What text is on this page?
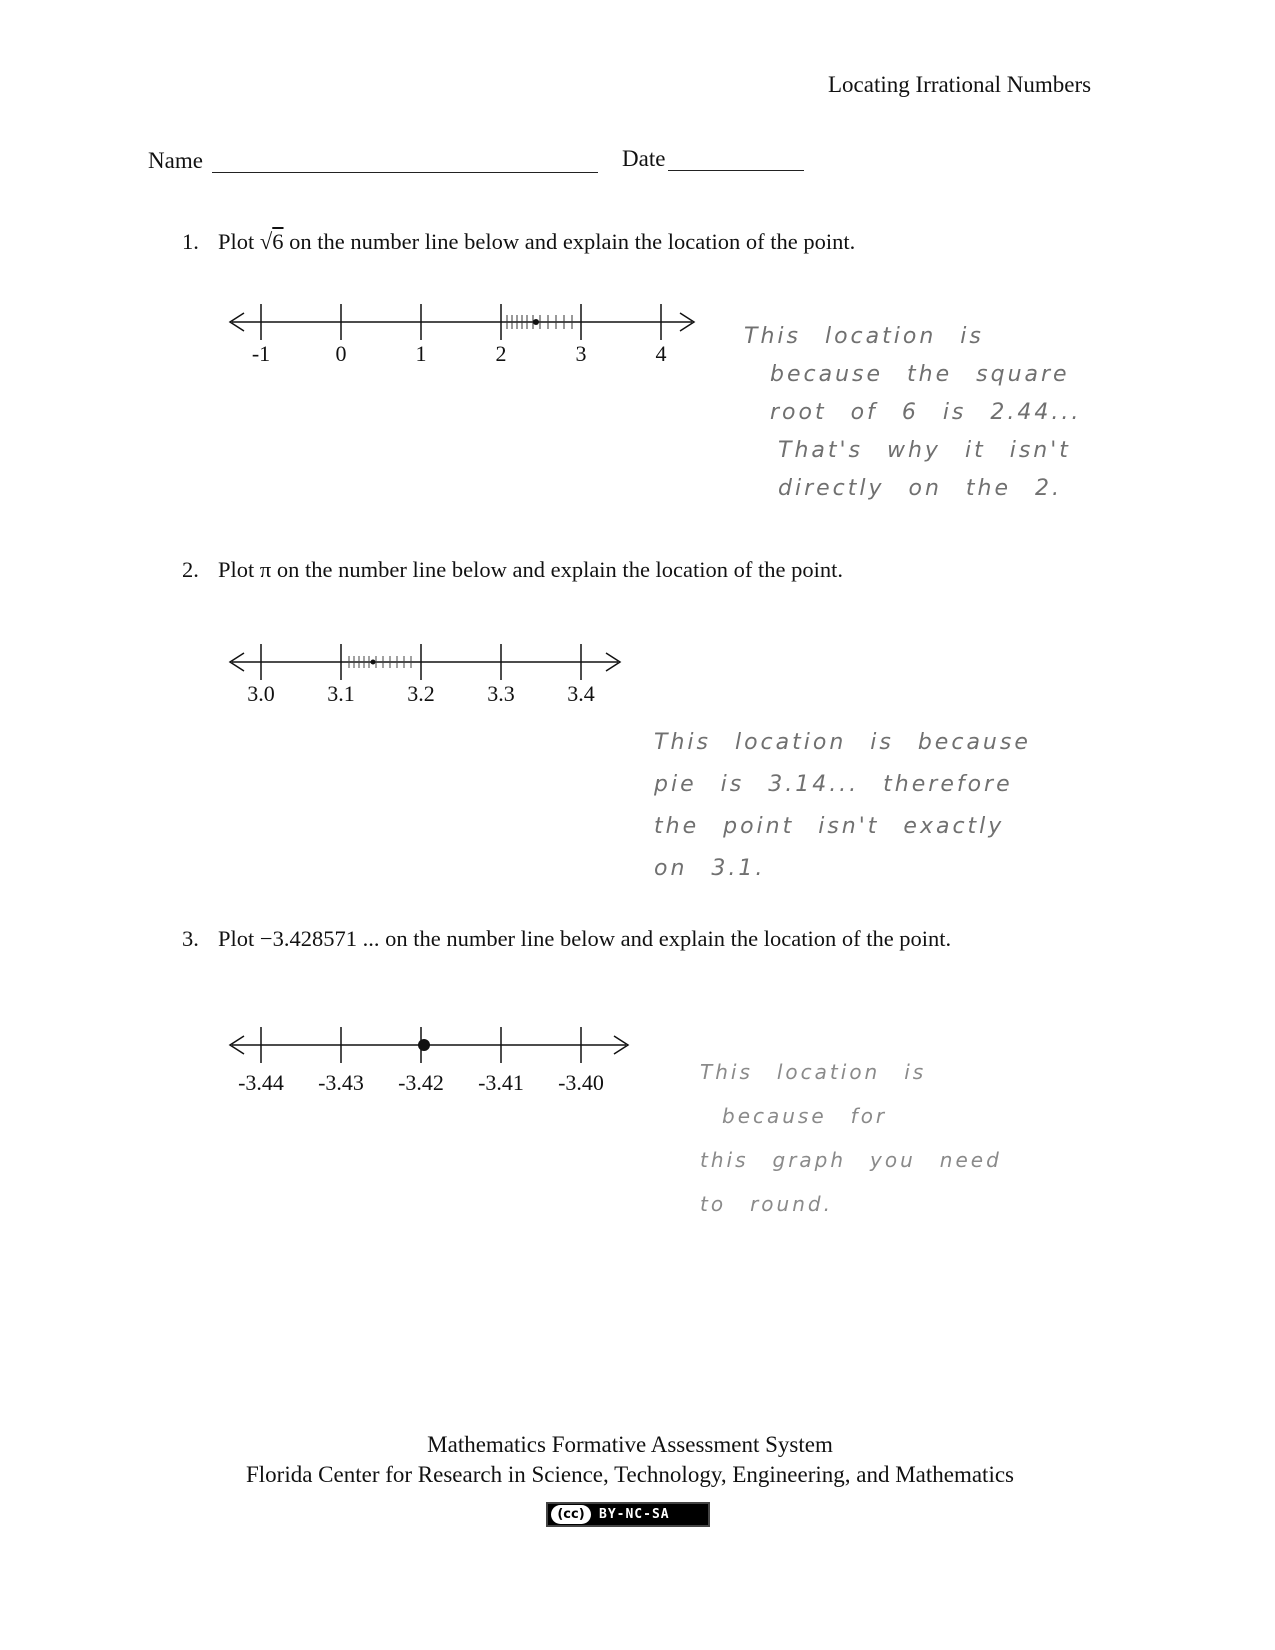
Locating Irrational Numbers
Name	Date
1. Plot √6 on the number line below and explain the location of the point.
-1	0	1	2	3	4
This location is
because the square
root of 6 is 2.44...
That's why it isn't
directly on the 2.
2. Plot π on the number line below and explain the location of the point.
3.0 3.1 3.2 3.3 3.4
This location is because
pie is 3.14... therefore
the point isn't exactly
on 3.1.
3. Plot −3.428571 ... on the number line below and explain the location of the point.
-3.44 -3.43 -3.42 -3.41 -3.40	This location is
because for
this graph you need
to round.
Mathematics Formative Assessment System
Florida Center for Research in Science, Technology, Engineering, and Mathematics
(cc)	BY-NC-SA
